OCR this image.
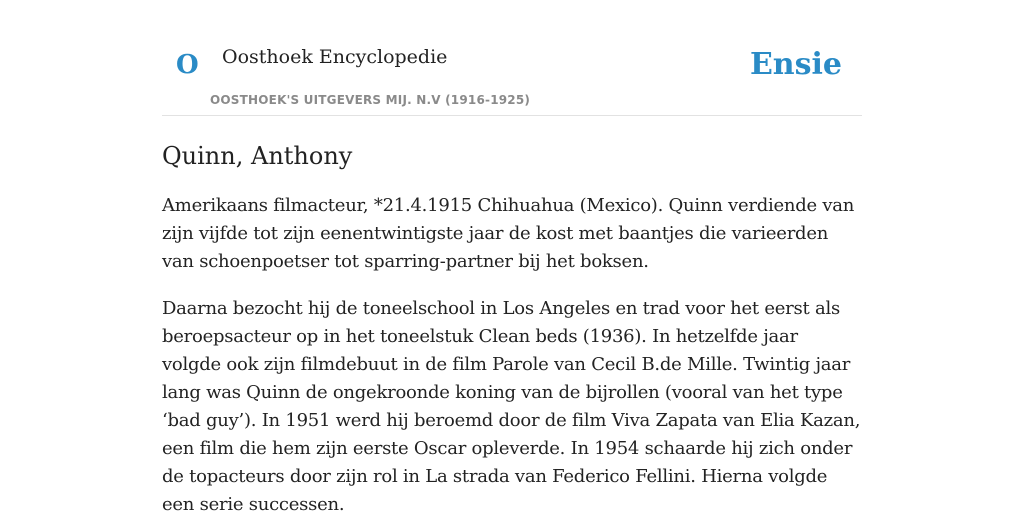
O Oosthoek Encyclopedie
OOSTHOEK'S UITGEVERS MIJ. N.V (1916-1925)
Ensie
Quinn, Anthony

Amerikaans filmacteur, *21.4.1915 Chihuahua (Mexico). Quinn verdiende van zijn vijfde tot zijn eenentwintigste jaar de kost met baantjes die varieerden van schoenpoetser tot sparring-partner bij het boksen.

Daarna bezocht hij de toneelschool in Los Angeles en trad voor het eerst als beroepsacteur op in het toneelstuk Clean beds (1936). In hetzelfde jaar volgde ook zijn filmdebuut in de film Parole van Cecil B.de Mille. Twintig jaar lang was Quinn de ongekroonde koning van de bijrollen (vooral van het type ‘bad guy’). In 1951 werd hij beroemd door de film Viva Zapata van Elia Kazan, een film die hem zijn eerste Oscar opleverde. In 1954 schaarde hij zich onder de topacteurs door zijn rol in La strada van Federico Fellini. Hierna volgde een serie successen.
